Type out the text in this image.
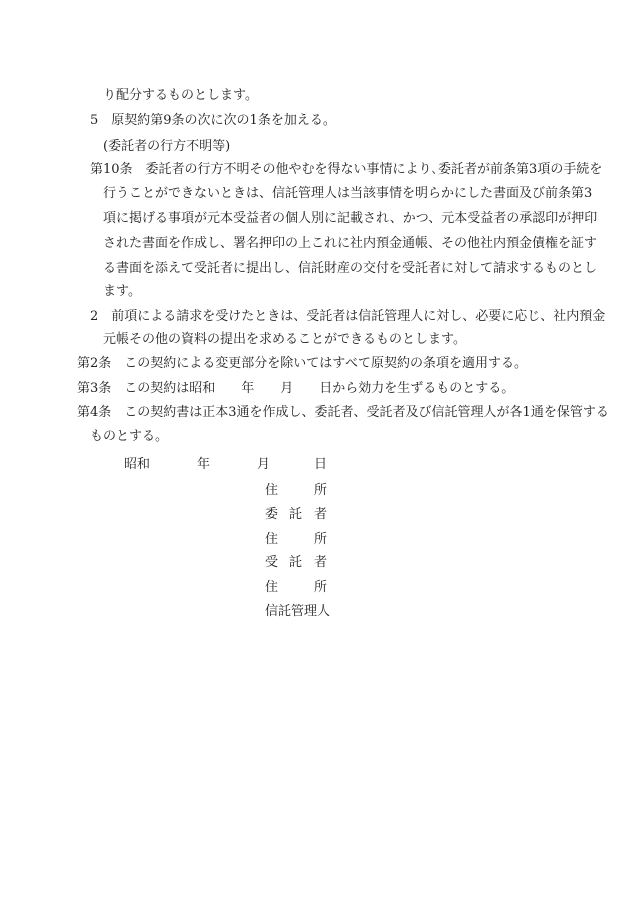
り配分するものとします。
5　原契約第9条の次に次の1条を加える。
(委託者の行方不明等)
第10条　委託者の行方不明その他やむを得ない事情により､委託者が前条第3項の手続を
行うことができないときは、信託管理人は当該事情を明らかにした書面及び前条第3
項に掲げる事項が元本受益者の個人別に記載され、かつ、元本受益者の承認印が押印
された書面を作成し、署名押印の上これに社内預金通帳、その他社内預金債権を証す
る書面を添えて受託者に提出し、信託財産の交付を受託者に対して請求するものとし
ます。
2　前項による請求を受けたときは、受託者は信託管理人に対し、必要に応じ、社内預金
元帳その他の資料の提出を求めることができるものとします。
第2条　この契約による変更部分を除いてはすべて原契約の条項を適用する。
第3条　この契約は昭和　　年　　月　　日から効力を生ずるものとする。
第4条　この契約書は正本3通を作成し、委託者、受託者及び信託管理人が各1通を保管する
ものとする。
昭和	年	月	日
住	所
委 託 者
住	所
受 託 者
住	所
信託管理人
